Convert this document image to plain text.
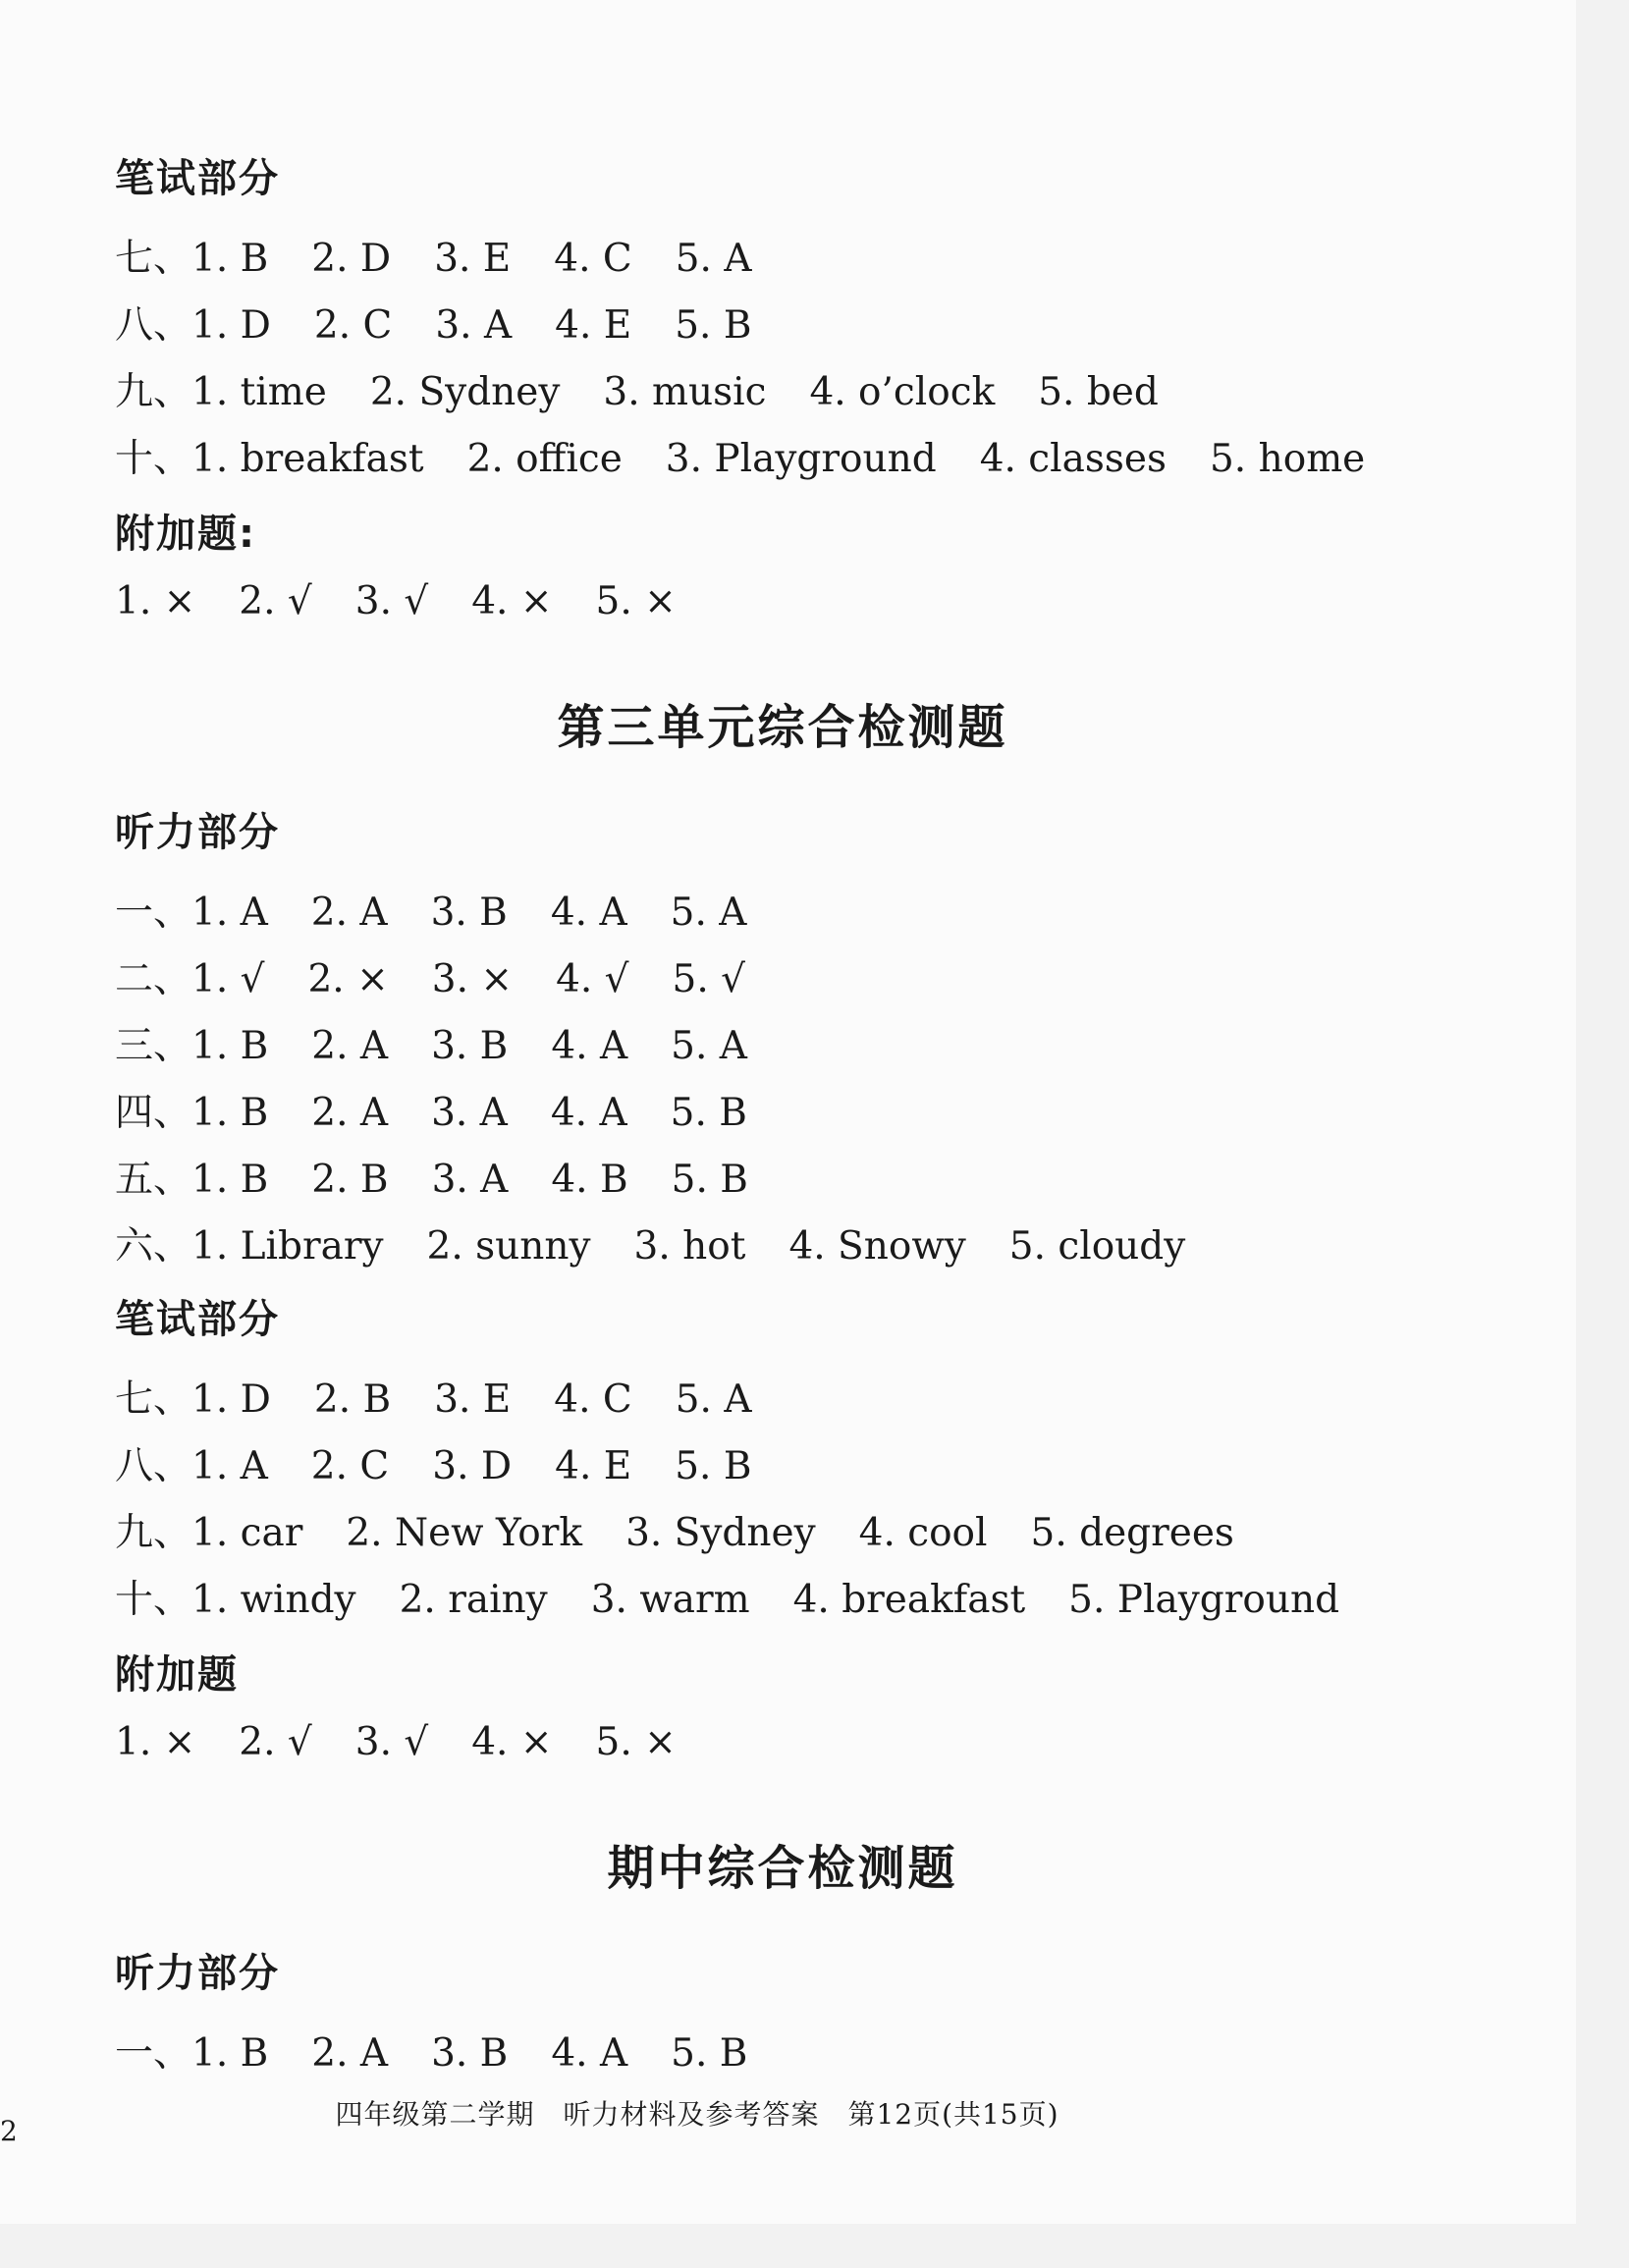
笔试部分
七、1. B 2. D 3. E 4. C 5. A
八、1. D 2. C 3. A 4. E 5. B
九、1. time 2. Sydney 3. music 4. o’clock 5. bed
十、1. breakfast 2. office 3. Playground 4. classes 5. home
附加题:
1. × 2. √ 3. √ 4. × 5. ×
第三单元综合检测题
听力部分
一、1. A 2. A 3. B 4. A 5. A
二、1. √ 2. × 3. × 4. √ 5. √
三、1. B 2. A 3. B 4. A 5. A
四、1. B 2. A 3. A 4. A 5. B
五、1. B 2. B 3. A 4. B 5. B
六、1. Library 2. sunny 3. hot 4. Snowy 5. cloudy
笔试部分
七、1. D 2. B 3. E 4. C 5. A
八、1. A 2. C 3. D 4. E 5. B
九、1. car 2. New York 3. Sydney 4. cool 5. degrees
十、1. windy 2. rainy 3. warm 4. breakfast 5. Playground
附加题
1. × 2. √ 3. √ 4. × 5. ×
期中综合检测题
听力部分
一、1. B 2. A 3. B 4. A 5. B
四年级第二学期　听力材料及参考答案　第12页(共15页)
2
